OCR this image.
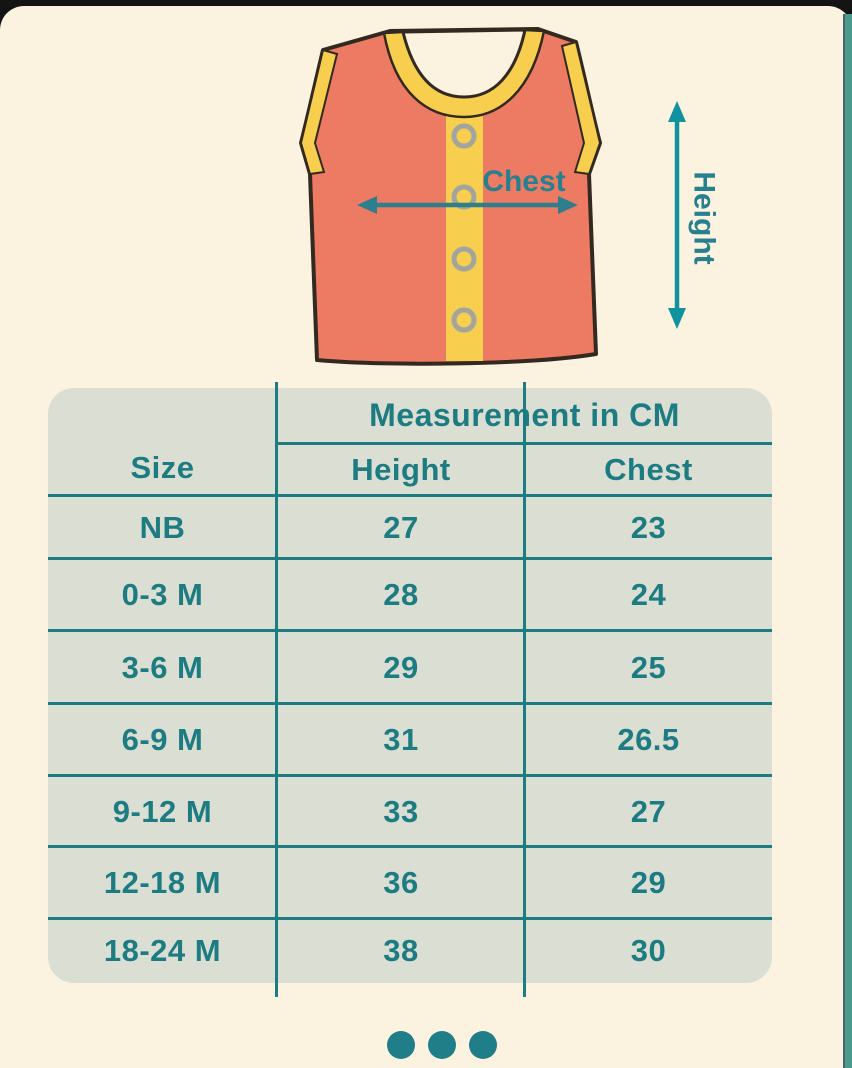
Chest	Height
Measurement in CM
Size	Height	Chest
NB	27	23
0-3 M	28	24
3-6 M	29	25
6-9 M	31	26.5
9-12 M	33	27
12-18 M	36	29
18-24 M	38	30
